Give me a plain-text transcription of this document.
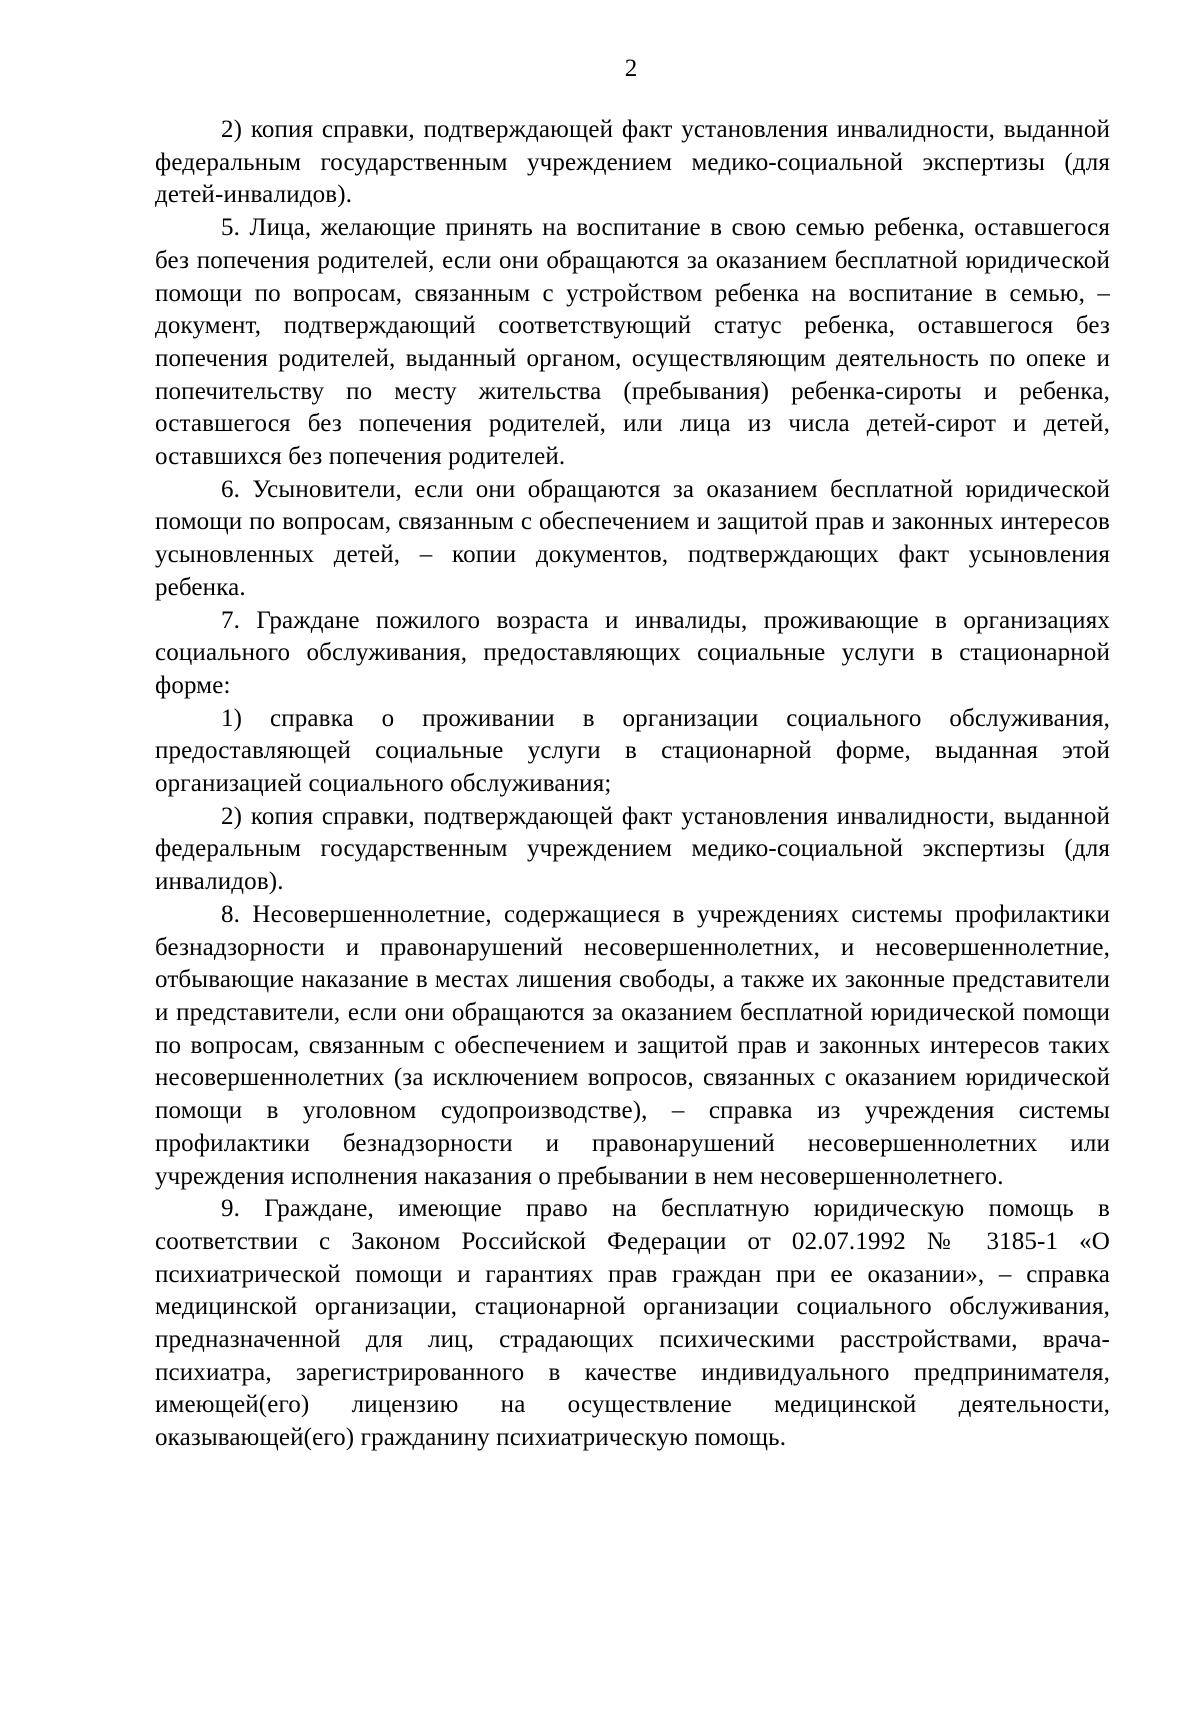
2

2) копия справки, подтверждающей факт установления инвалидности, выданной федеральным государственным учреждением медико-социальной экспертизы (для детей-инвалидов).

5. Лица, желающие принять на воспитание в свою семью ребенка, оставшегося без попечения родителей, если они обращаются за оказанием бесплатной юридической помощи по вопросам, связанным с устройством ребенка на воспитание в семью, – документ, подтверждающий соответствующий статус ребенка, оставшегося без попечения родителей, выданный органом, осуществляющим деятельность по опеке и попечительству по месту жительства (пребывания) ребенка-сироты и ребенка, оставшегося без попечения родителей, или лица из числа детей-сирот и детей, оставшихся без попечения родителей.

6. Усыновители, если они обращаются за оказанием бесплатной юридической помощи по вопросам, связанным с обеспечением и защитой прав и законных интересов усыновленных детей, – копии документов, подтверждающих факт усыновления ребенка.

7. Граждане пожилого возраста и инвалиды, проживающие в организациях социального обслуживания, предоставляющих социальные услуги в стационарной форме:

1) справка о проживании в организации социального обслуживания, предоставляющей социальные услуги в стационарной форме, выданная этой организацией социального обслуживания;

2) копия справки, подтверждающей факт установления инвалидности, выданной федеральным государственным учреждением медико-социальной экспертизы (для инвалидов).

8. Несовершеннолетние, содержащиеся в учреждениях системы профилактики безнадзорности и правонарушений несовершеннолетних, и несовершеннолетние, отбывающие наказание в местах лишения свободы, а также их законные представители и представители, если они обращаются за оказанием бесплатной юридической помощи по вопросам, связанным с обеспечением и защитой прав и законных интересов таких несовершеннолетних (за исключением вопросов, связанных с оказанием юридической помощи в уголовном судопроизводстве), – справка из учреждения системы профилактики безнадзорности и правонарушений несовершеннолетних или учреждения исполнения наказания о пребывании в нем несовершеннолетнего.

9. Граждане, имеющие право на бесплатную юридическую помощь в соответствии с Законом Российской Федерации от 02.07.1992 № 3185-1 «О психиатрической помощи и гарантиях прав граждан при ее оказании», – справка медицинской организации, стационарной организации социального обслуживания, предназначенной для лиц, страдающих психическими расстройствами, врача-психиатра, зарегистрированного в качестве индивидуального предпринимателя, имеющей(его) лицензию на осуществление медицинской деятельности, оказывающей(его) гражданину психиатрическую помощь.
